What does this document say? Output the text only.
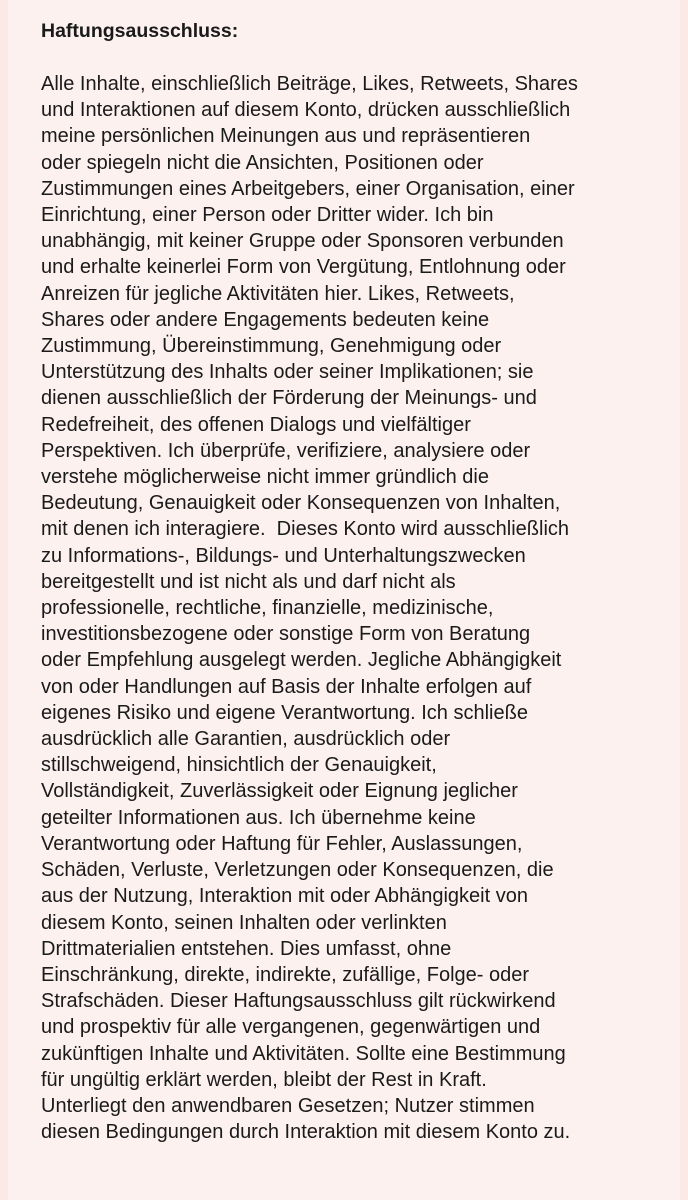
Haftungsausschluss:
Alle Inhalte, einschließlich Beiträge, Likes, Retweets, Shares
und Interaktionen auf diesem Konto, drücken ausschließlich
meine persönlichen Meinungen aus und repräsentieren
oder spiegeln nicht die Ansichten, Positionen oder
Zustimmungen eines Arbeitgebers, einer Organisation, einer
Einrichtung, einer Person oder Dritter wider. Ich bin
unabhängig, mit keiner Gruppe oder Sponsoren verbunden
und erhalte keinerlei Form von Vergütung, Entlohnung oder
Anreizen für jegliche Aktivitäten hier. Likes, Retweets,
Shares oder andere Engagements bedeuten keine
Zustimmung, Übereinstimmung, Genehmigung oder
Unterstützung des Inhalts oder seiner Implikationen; sie
dienen ausschließlich der Förderung der Meinungs- und
Redefreiheit, des offenen Dialogs und vielfältiger
Perspektiven. Ich überprüfe, verifiziere, analysiere oder
verstehe möglicherweise nicht immer gründlich die
Bedeutung, Genauigkeit oder Konsequenzen von Inhalten,
mit denen ich interagiere.  Dieses Konto wird ausschließlich
zu Informations-, Bildungs- und Unterhaltungszwecken
bereitgestellt und ist nicht als und darf nicht als
professionelle, rechtliche, finanzielle, medizinische,
investitionsbezogene oder sonstige Form von Beratung
oder Empfehlung ausgelegt werden. Jegliche Abhängigkeit
von oder Handlungen auf Basis der Inhalte erfolgen auf
eigenes Risiko und eigene Verantwortung. Ich schließe
ausdrücklich alle Garantien, ausdrücklich oder
stillschweigend, hinsichtlich der Genauigkeit,
Vollständigkeit, Zuverlässigkeit oder Eignung jeglicher
geteilter Informationen aus. Ich übernehme keine
Verantwortung oder Haftung für Fehler, Auslassungen,
Schäden, Verluste, Verletzungen oder Konsequenzen, die
aus der Nutzung, Interaktion mit oder Abhängigkeit von
diesem Konto, seinen Inhalten oder verlinkten
Drittmaterialien entstehen. Dies umfasst, ohne
Einschränkung, direkte, indirekte, zufällige, Folge- oder
Strafschäden. Dieser Haftungsausschluss gilt rückwirkend
und prospektiv für alle vergangenen, gegenwärtigen und
zukünftigen Inhalte und Aktivitäten. Sollte eine Bestimmung
für ungültig erklärt werden, bleibt der Rest in Kraft.
Unterliegt den anwendbaren Gesetzen; Nutzer stimmen
diesen Bedingungen durch Interaktion mit diesem Konto zu.
